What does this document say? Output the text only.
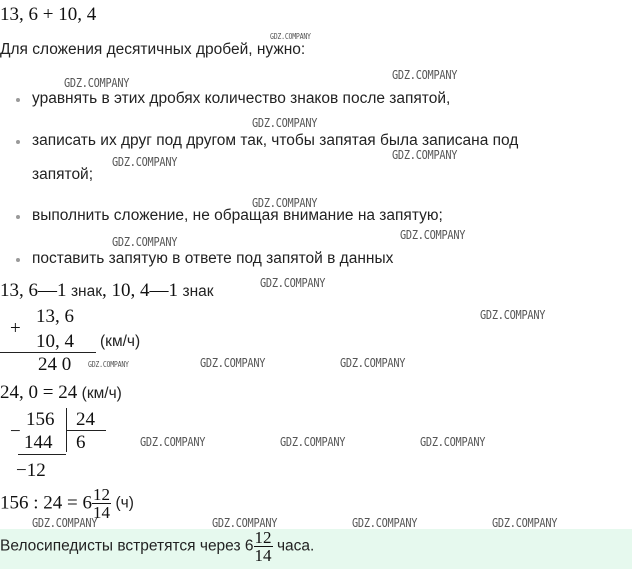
13, 6 + 10, 4
GDZ.COMPANY
Для сложения десятичных дробей, нужно:
GDZ.COMPANY
GDZ.COMPANY
уравнять в этих дробях количество знаков после запятой,
GDZ.COMPANY
записать их друг под другом так, чтобы запятая была записана под
GDZ.COMPANY	GDZ.COMPANY
запятой;
GDZ.COMPANY
выполнить сложение, не обращая внимание на запятую;
GDZ.COMPANY	GDZ.COMPANY
поставить запятую в ответе под запятой в данных
13, 6—1 знак, 10, 4—1 знак
GDZ.COMPANY
+
13, 6
10, 4 (км/ч)
24 0 GDZ.COMPANY
GDZ.COMPANY
GDZ.COMPANY	GDZ.COMPANY
24, 0 = 24 (км/ч)
−
156 24
6
144
−12
GDZ.COMPANY	GDZ.COMPANY	GDZ.COMPANY
156 : $24 = 6 \frac{12}{14} (ч)$
Велосипедисты встретятся через $6 \frac{12}{14}$ часа.
GDZ.COMPANY	GDZ.COMPANY	GDZ.COMPANY	GDZ.COMPANY
